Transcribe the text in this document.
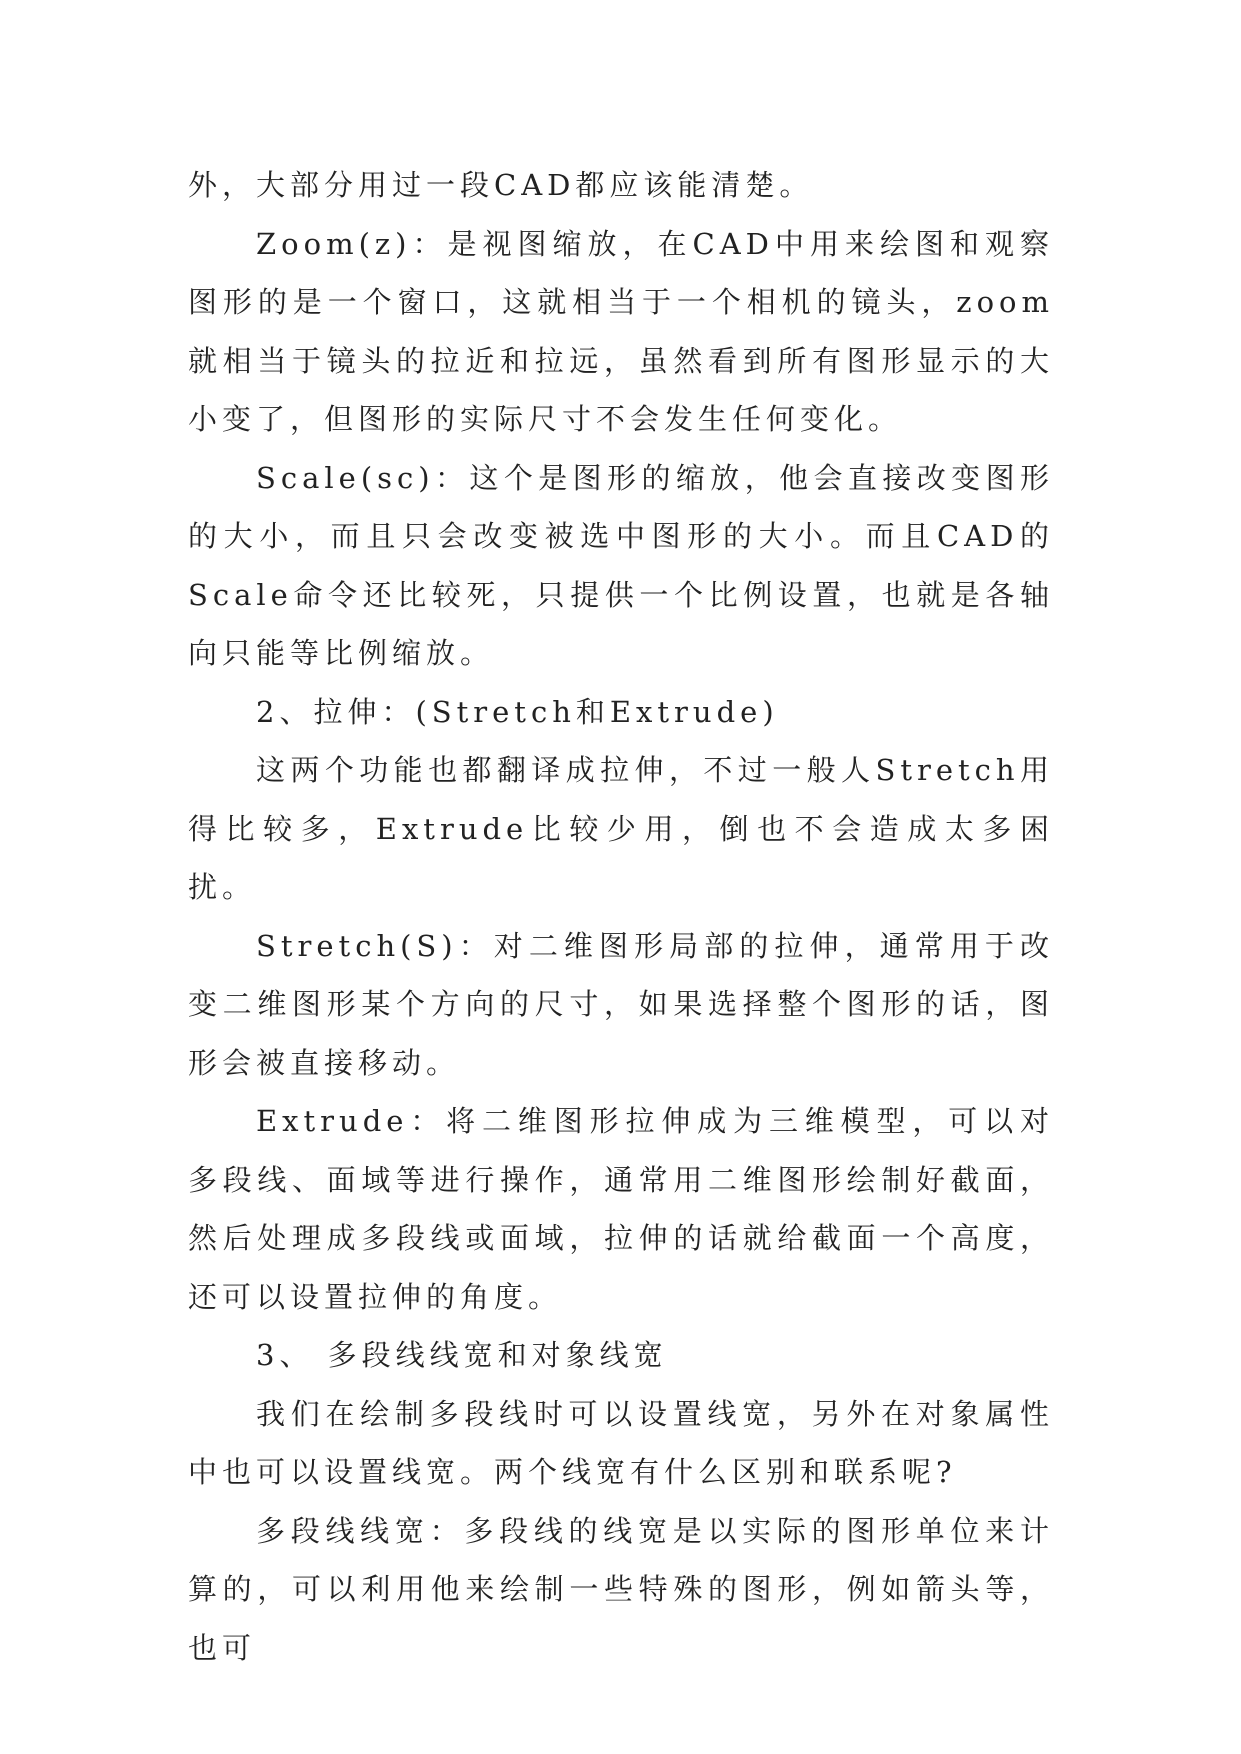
外，大部分用过一段CAD都应该能清楚。

Zoom(z)：是视图缩放，在CAD中用来绘图和观察图形的是一个窗口，这就相当于一个相机的镜头，zoom就相当于镜头的拉近和拉远，虽然看到所有图形显示的大小变了，但图形的实际尺寸不会发生任何变化。

Scale(sc)：这个是图形的缩放，他会直接改变图形的大小，而且只会改变被选中图形的大小。而且CAD的Scale命令还比较死，只提供一个比例设置，也就是各轴向只能等比例缩放。

2、拉伸：(Stretch和Extrude)

这两个功能也都翻译成拉伸，不过一般人Stretch用得比较多，Extrude比较少用，倒也不会造成太多困扰。

Stretch(S)：对二维图形局部的拉伸，通常用于改变二维图形某个方向的尺寸，如果选择整个图形的话，图形会被直接移动。

Extrude：将二维图形拉伸成为三维模型，可以对多段线、面域等进行操作，通常用二维图形绘制好截面，然后处理成多段线或面域，拉伸的话就给截面一个高度，还可以设置拉伸的角度。

3、 多段线线宽和对象线宽

我们在绘制多段线时可以设置线宽，另外在对象属性中也可以设置线宽。两个线宽有什么区别和联系呢?

多段线线宽：多段线的线宽是以实际的图形单位来计算的，可以利用他来绘制一些特殊的图形，例如箭头等，也可
